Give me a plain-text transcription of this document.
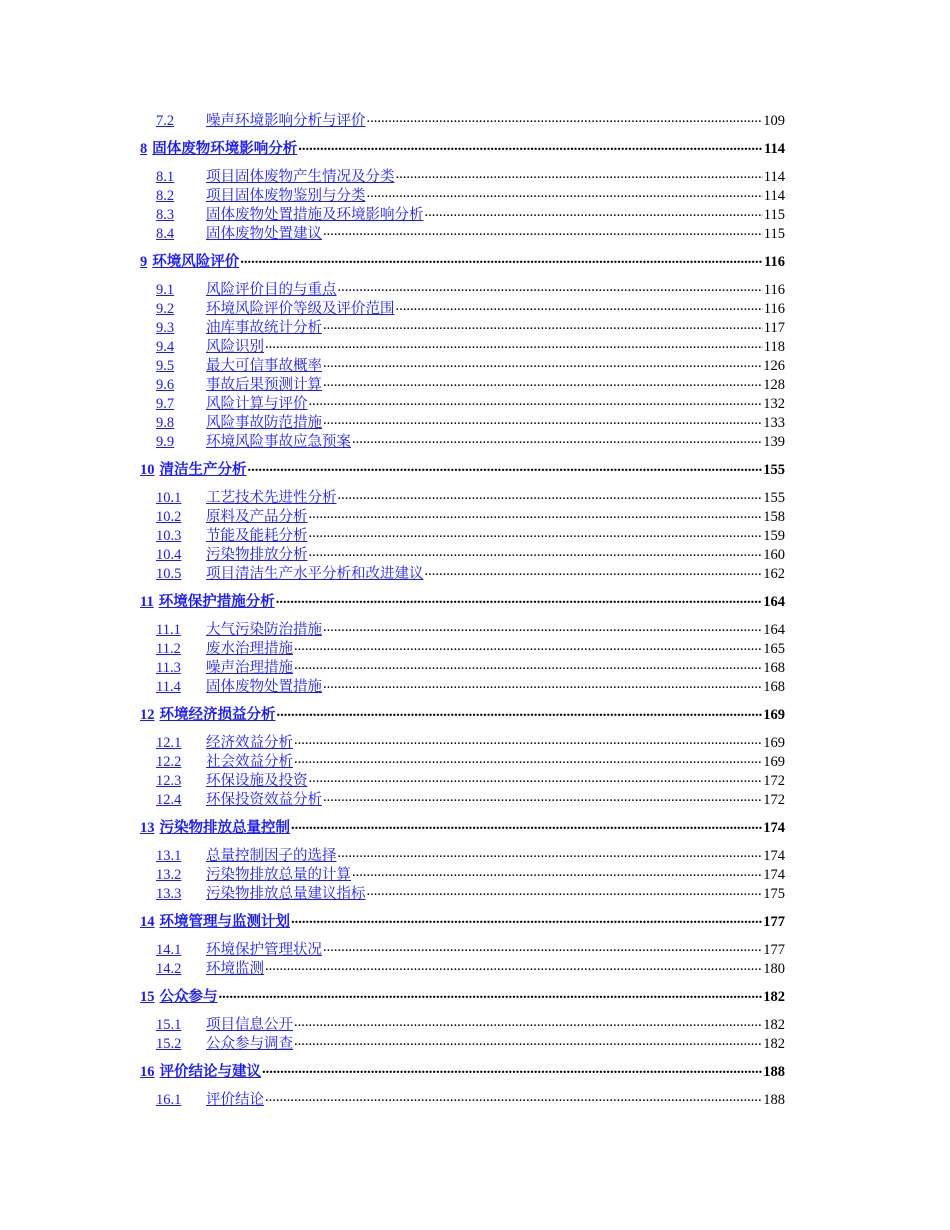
7.2	噪声环境影响分析与评价 .....	109
8 固体废物环境影响分析 .....	114
8.1	项目固体废物产生情况及分类 .....	114
8.2	项目固体废物鉴别与分类 .....	114
8.3	固体废物处置措施及环境影响分析 .....	115
8.4	固体废物处置建议 .....	115
9 环境风险评价 .....	116
9.1	风险评价目的与重点 .....	116
9.2	环境风险评价等级及评价范围 .....	116
9.3	油库事故统计分析 .....	117
9.4	风险识别 .....	118
9.5	最大可信事故概率 .....	126
9.6	事故后果预测计算 .....	128
9.7	风险计算与评价 .....	132
9.8	风险事故防范措施 .....	133
9.9	环境风险事故应急预案 .....	139
10 清洁生产分析 .....	155
10.1	工艺技术先进性分析 .....	155
10.2	原料及产品分析 .....	158
10.3	节能及能耗分析 .....	159
10.4	污染物排放分析 .....	160
10.5	项目清洁生产水平分析和改进建议 .....	162
11 环境保护措施分析 .....	164
11.1	大气污染防治措施 .....	164
11.2	废水治理措施 .....	165
11.3	噪声治理措施 .....	168
11.4	固体废物处置措施 .....	168
12 环境经济损益分析 .....	169
12.1	经济效益分析 .....	169
12.2	社会效益分析 .....	169
12.3	环保设施及投资 .....	172
12.4	环保投资效益分析 .....	172
13 污染物排放总量控制 .....	174
13.1	总量控制因子的选择 .....	174
13.2	污染物排放总量的计算 .....	174
13.3	污染物排放总量建议指标 .....	175
14 环境管理与监测计划 .....	177
14.1	环境保护管理状况 .....	177
14.2	环境监测 .....	180
15 公众参与 .....	182
15.1	项目信息公开 .....	182
15.2	公众参与调查 .....	182
16 评价结论与建议 .....	188
16.1	评价结论 .....	188
